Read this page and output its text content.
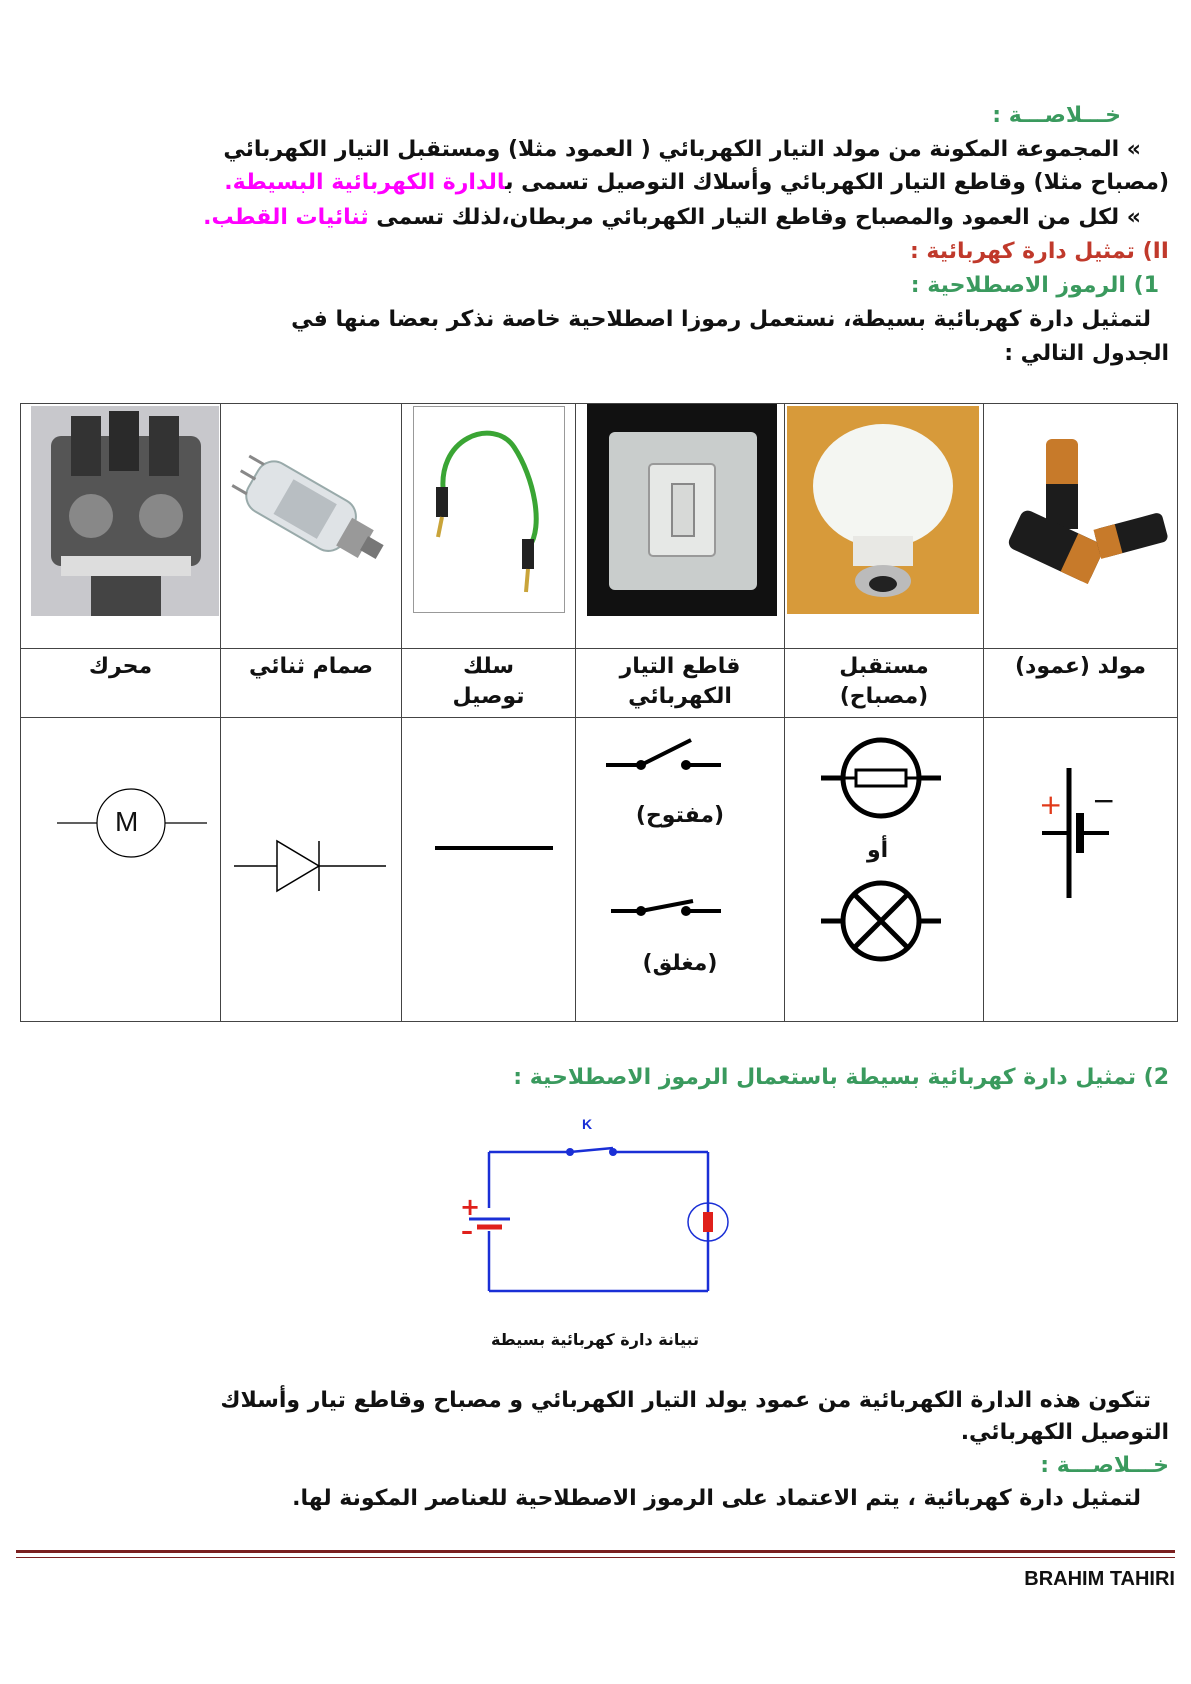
خـــلاصـــة :
» المجموعة المكونة من مولد التيار الكهربائي ( العمود مثلا) ومستقبل التيار الكهربائي
(مصباح مثلا) وقاطع التيار الكهربائي وأسلاك التوصيل تسمى بالدارة الكهربائية البسيطة.
» لكل من العمود والمصباح وقاطع التيار الكهربائي مربطان،لذلك تسمى ثنائيات القطب.
II) تمثيل دارة كهربائية :
1) الرموز الاصطلاحية :
لتمثيل دارة كهربائية بسيطة، نستعمل رموزا اصطلاحية خاصة نذكر بعضا منها في
الجدول التالي :
مولد (عمود)
مستقبل
(مصباح)
قاطع التيار
الكهربائي
سلك
توصيل
صمام ثنائي
محرك
+ −
أو
(مفتوح)
(مغلق)
M
2) تمثيل دارة كهربائية بسيطة باستعمال الرموز الاصطلاحية :
K
+
–
تبيانة دارة كهربائية بسيطة
تتكون هذه الدارة الكهربائية من عمود يولد التيار الكهربائي و مصباح وقاطع تيار وأسلاك
التوصيل الكهربائي.
خـــلاصـــة :
لتمثيل دارة كهربائية ، يتم الاعتماد على الرموز الاصطلاحية للعناصر المكونة لها.
BRAHIM TAHIRI
